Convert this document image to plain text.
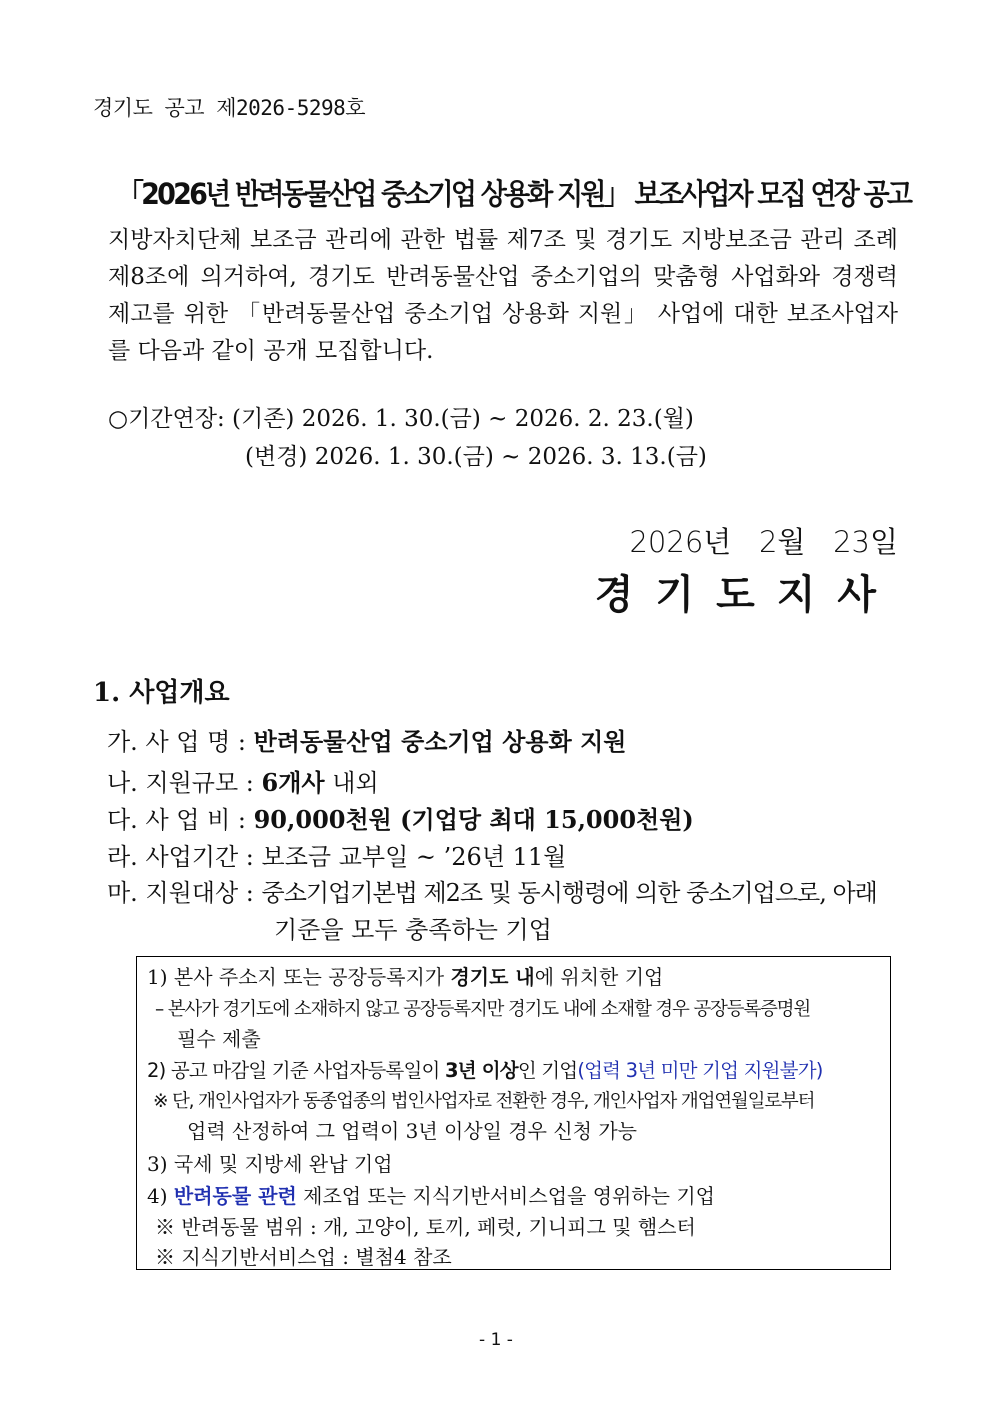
경기도 공고 제2026-5298호
「2026년 반려동물산업 중소기업 상용화 지원」 보조사업자 모집 연장 공고
지방자치단체 보조금 관리에 관한 법률 제7조 및 경기도 지방보조금 관리 조례 제8조에 의거하여, 경기도 반려동물산업 중소기업의 맞춤형 사업화와 경쟁력 제고를 위한 「반려동물산업 중소기업 상용화 지원」 사업에 대한 보조사업자를 다음과 같이 공개 모집합니다.
○기간연장: (기존) 2026. 1. 30.(금) ~ 2026. 2. 23.(월)
(변경) 2026. 1. 30.(금) ~ 2026. 3. 13.(금)
2026년   2월   23일
경기도지사
1. 사업개요
가. 사 업 명 : 반려동물산업 중소기업 상용화 지원
나. 지원규모 : 6개사 내외
다. 사 업 비 : 90,000천원 (기업당 최대 15,000천원)
라. 사업기간 : 보조금 교부일 ~ ’26년 11월
마. 지원대상 : 중소기업기본법 제2조 및 동시행령에 의한 중소기업으로, 아래
기준을 모두 충족하는 기업
1) 본사 주소지 또는 공장등록지가 경기도 내에 위치한 기업
– 본사가 경기도에 소재하지 않고 공장등록지만 경기도 내에 소재할 경우 공장등록증명원
필수 제출
2) 공고 마감일 기준 사업자등록일이 3년 이상인 기업(업력 3년 미만 기업 지원불가)
※ 단, 개인사업자가 동종업종의 법인사업자로 전환한 경우, 개인사업자 개업연월일로부터
업력 산정하여 그 업력이 3년 이상일 경우 신청 가능
3) 국세 및 지방세 완납 기업
4) 반려동물 관련 제조업 또는 지식기반서비스업을 영위하는 기업
※ 반려동물 범위 : 개, 고양이, 토끼, 페럿, 기니피그 및 햄스터
※ 지식기반서비스업 : 별첨4 참조
- 1 -
